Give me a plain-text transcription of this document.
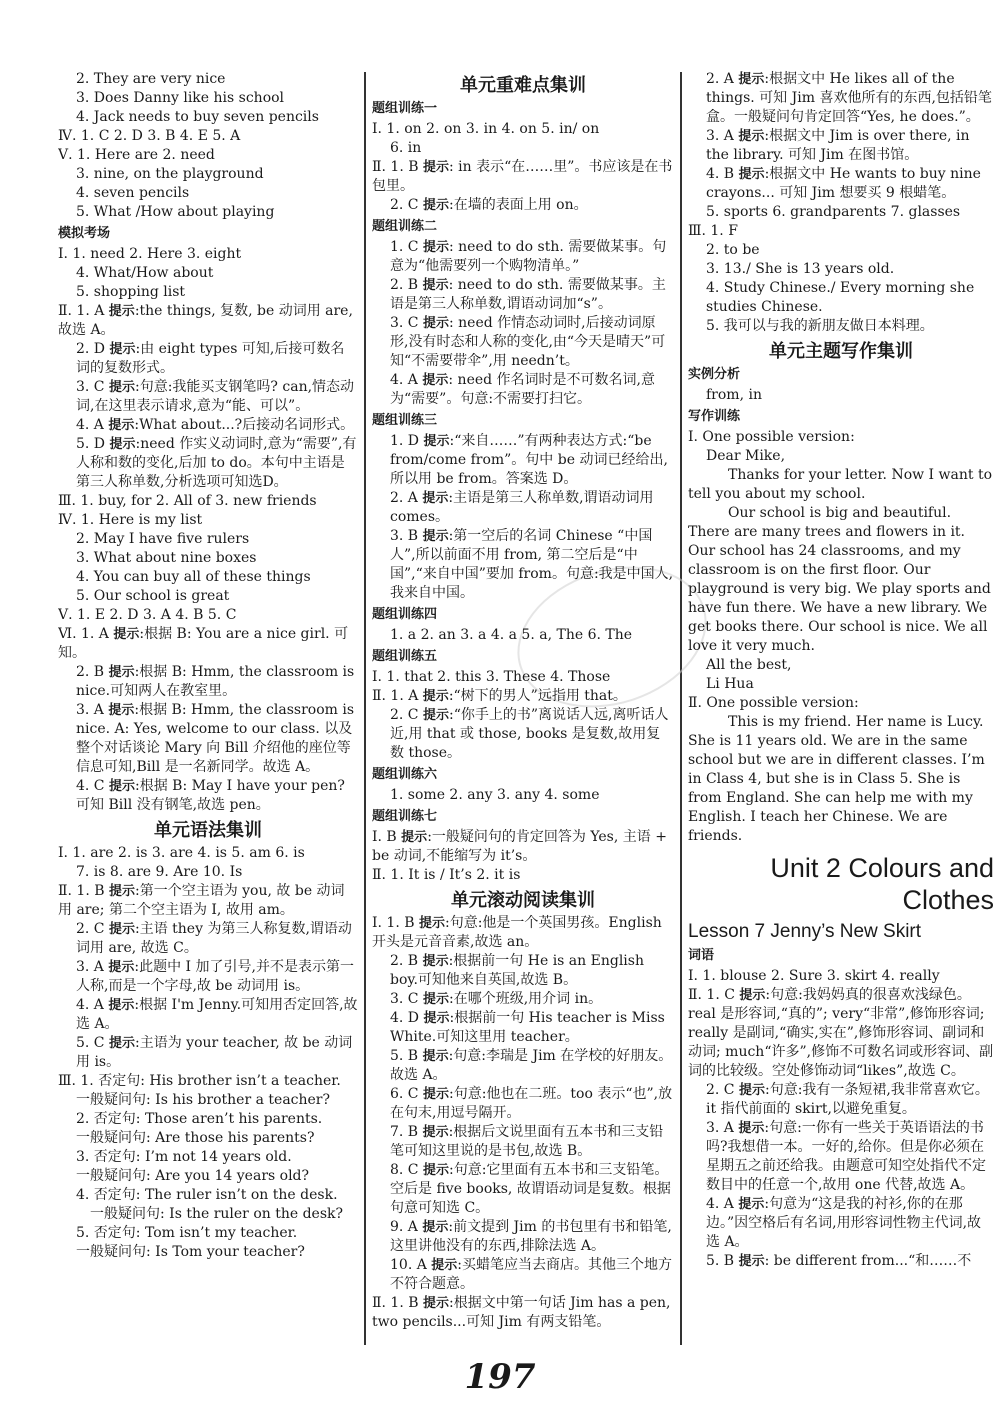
2. They are very nice
3. Does Danny like his school
4. Jack needs to buy seven pencils
Ⅳ. 1. C 2. D 3. B 4. E 5. A
Ⅴ. 1. Here are 2. need
3. nine, on the playground
4. seven pencils
5. What /How about playing
模拟考场
Ⅰ. 1. need 2. Here 3. eight
4. What/How about
5. shopping list
Ⅱ. 1. A 提示:the things, 复数, be 动词用 are, 故选 A。
2. D 提示:由 eight types 可知,后接可数名词的复数形式。
3. C 提示:句意:我能买支钢笔吗? can,情态动词,在这里表示请求,意为“能、可以”。
4. A 提示:What about...?后接动名词形式。
5. D 提示:need 作实义动词时,意为“需要”,有人称和数的变化,后加 to do。本句中主语是第三人称单数,分析选项可知选D。
Ⅲ. 1. buy, for 2. All of 3. new friends
Ⅳ. 1. Here is my list
2. May I have five rulers
3. What about nine boxes
4. You can buy all of these things
5. Our school is great
Ⅴ. 1. E 2. D 3. A 4. B 5. C
Ⅵ. 1. A 提示:根据 B: You are a nice girl. 可知。
2. B 提示:根据 B: Hmm, the classroom is nice.可知两人在教室里。
3. A 提示:根据 B: Hmm, the classroom is nice. A: Yes, welcome to our class. 以及整个对话谈论 Mary 向 Bill 介绍他的座位等信息可知,Bill 是一名新同学。故选 A。
4. C 提示:根据 B: May I have your pen? 可知 Bill 没有钢笔,故选 pen。
单元语法集训
Ⅰ. 1. are 2. is 3. are 4. is 5. am 6. is
7. is 8. are 9. Are 10. Is
Ⅱ. 1. B 提示:第一个空主语为 you, 故 be 动词用 are; 第二个空主语为 I, 故用 am。
2. C 提示:主语 they 为第三人称复数,谓语动词用 are, 故选 C。
3. A 提示:此题中 I 加了引号,并不是表示第一人称,而是一个字母,故 be 动词用 is。
4. A 提示:根据 I'm Jenny.可知用否定回答,故选 A。
5. C 提示:主语为 your teacher, 故 be 动词用 is。
Ⅲ. 1. 否定句: His brother isn’t a teacher.
一般疑问句: Is his brother a teacher?
2. 否定句: Those aren’t his parents.
一般疑问句: Are those his parents?
3. 否定句: I’m not 14 years old.
一般疑问句: Are you 14 years old?
4. 否定句: The ruler isn’t on the desk.
一般疑问句: Is the ruler on the desk?
5. 否定句: Tom isn’t my teacher.
一般疑问句: Is Tom your teacher?
单元重难点集训
题组训练一
Ⅰ. 1. on 2. on 3. in 4. on 5. in/ on
6. in
Ⅱ. 1. B 提示: in 表示“在……里”。书应该是在书包里。
2. C 提示:在墙的表面上用 on。
题组训练二
1. C 提示: need to do sth. 需要做某事。句意为“他需要列一个购物清单。”
2. B 提示: need to do sth. 需要做某事。主语是第三人称单数,谓语动词加“s”。
3. C 提示: need 作情态动词时,后接动词原形,没有时态和人称的变化,由“今天是晴天”可知“不需要带伞”,用 needn’t。
4. A 提示: need 作名词时是不可数名词,意为“需要”。句意:不需要打扫它。
题组训练三
1. D 提示:“来自……”有两种表达方式:“be from/come from”。句中 be 动词已经给出,所以用 be from。答案选 D。
2. A 提示:主语是第三人称单数,谓语动词用 comes。
3. B 提示:第一空后的名词 Chinese “中国人”,所以前面不用 from, 第二空后是“中国”,“来自中国”要加 from。句意:我是中国人,我来自中国。
题组训练四
1. a 2. an 3. a 4. a 5. a, The 6. The
题组训练五
Ⅰ. 1. that 2. this 3. These 4. Those
Ⅱ. 1. A 提示:“树下的男人”远指用 that。
2. C 提示:“你手上的书”离说话人远,离听话人近,用 that 或 those, books 是复数,故用复数 those。
题组训练六
1. some 2. any 3. any 4. some
题组训练七
Ⅰ. B 提示:一般疑问句的肯定回答为 Yes, 主语 + be 动词,不能缩写为 it’s。
Ⅱ. 1. It is / It’s 2. it is
单元滚动阅读集训
Ⅰ. 1. B 提示:句意:他是一个英国男孩。English 开头是元音音素,故选 an。
2. B 提示:根据前一句 He is an English boy.可知他来自英国,故选 B。
3. C 提示:在哪个班级,用介词 in。
4. D 提示:根据前一句 His teacher is Miss White.可知这里用 teacher。
5. B 提示:句意:李瑞是 Jim 在学校的好朋友。故选 A。
6. C 提示:句意:他也在二班。too 表示“也”,放在句末,用逗号隔开。
7. B 提示:根据后文说里面有五本书和三支铅笔可知这里说的是书包,故选 B。
8. C 提示:句意:它里面有五本书和三支铅笔。空后是 five books, 故谓语动词是复数。根据句意可知选 C。
9. A 提示:前文提到 Jim 的书包里有书和铅笔,这里讲他没有的东西,排除法选 A。
10. A 提示:买蜡笔应当去商店。其他三个地方不符合题意。
Ⅱ. 1. B 提示:根据文中第一句话 Jim has a pen, two pencils...可知 Jim 有两支铅笔。
2. A 提示:根据文中 He likes all of the things. 可知 Jim 喜欢他所有的东西,包括铅笔盒。一般疑问句肯定回答“Yes, he does.”。
3. A 提示:根据文中 Jim is over there, in the library. 可知 Jim 在图书馆。
4. B 提示:根据文中 He wants to buy nine crayons... 可知 Jim 想要买 9 根蜡笔。
5. sports 6. grandparents 7. glasses
Ⅲ. 1. F
2. to be
3. 13./ She is 13 years old.
4. Study Chinese./ Every morning she studies Chinese.
5. 我可以与我的新朋友做日本料理。
单元主题写作集训
实例分析
from, in
写作训练
Ⅰ. One possible version:

Dear Mike,

Thanks for your letter. Now I want to tell you about my school.

Our school is big and beautiful. There are many trees and flowers in it. Our school has 24 classrooms, and my classroom is on the first floor. Our playground is very big. We play sports and have fun there. We have a new library. We get books there. Our school is nice. We all love it very much.

All the best,

Li Hua

Ⅱ. One possible version:
This is my friend. Her name is Lucy. She is 11 years old. We are in the same school but we are in different classes. I’m in Class 4, but she is in Class 5. She is from England. She can help me with my English. I teach her Chinese. We are friends.
Unit 2 Colours and
Clothes
Lesson 7 Jenny’s New Skirt
词语
Ⅰ. 1. blouse 2. Sure 3. skirt 4. really
Ⅱ. 1. C 提示:句意:我妈妈真的很喜欢浅绿色。real 是形容词,“真的”; very“非常”,修饰形容词; really 是副词,“确实,实在”,修饰形容词、副词和动词; much“许多”,修饰不可数名词或形容词、副词的比较级。空处修饰动词“likes”,故选 C。
2. C 提示:句意:我有一条短裙,我非常喜欢它。it 指代前面的 skirt,以避免重复。
3. A 提示:句意:一你有一些关于英语语法的书吗?我想借一本。一好的,给你。但是你必须在星期五之前还给我。由题意可知空处指代不定数目中的任意一个,故用 one 代替,故选 A。
4. A 提示:句意为“这是我的衬衫,你的在那边。”因空格后有名词,用形容词性物主代词,故选 A。
5. B 提示: be different from...“和……不
197
